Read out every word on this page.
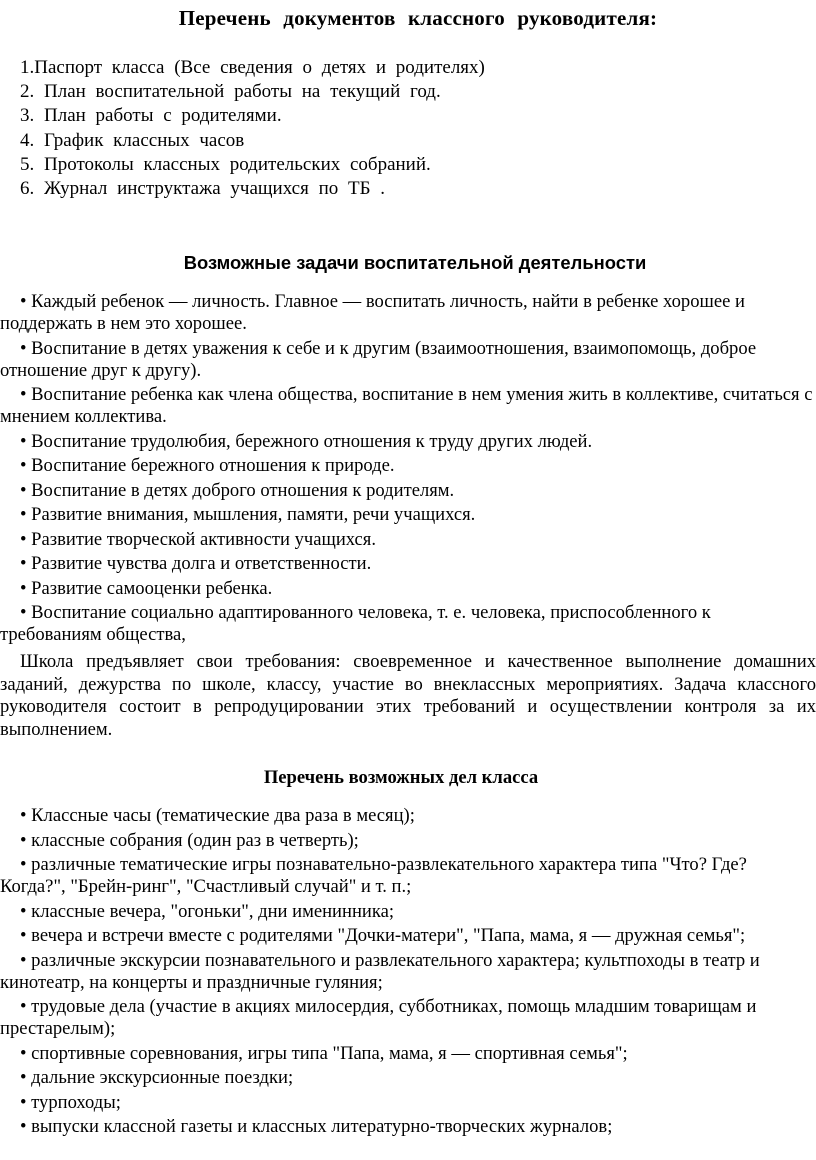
Перечень документов классного руководителя:
1.Паспорт класса (Все сведения о детях и родителях)
2. План воспитательной работы на текущий год.
3. План работы с родителями.
4. График классных часов
5. Протоколы классных родительских собраний.
6. Журнал инструктажа учащихся по ТБ .
Возможные задачи воспитательной деятельности

• Каждый ребенок — личность. Главное — воспитать личность, найти в ребенке хорошее и поддержать в нем это хорошее.

• Воспитание в детях уважения к себе и к другим (взаимоотношения, взаимопомощь, доброе отношение друг к другу).

• Воспитание ребенка как члена общества, воспитание в нем умения жить в коллективе, считаться с мнением коллектива.

• Воспитание трудолюбия, бережного отношения к труду других людей.

• Воспитание бережного отношения к природе.

• Воспитание в детях доброго отношения к родителям.

• Развитие внимания, мышления, памяти, речи учащихся.

• Развитие творческой активности учащихся.

• Развитие чувства долга и ответственности.

• Развитие самооценки ребенка.

• Воспитание социально адаптированного человека, т. е. человека, приспособленного к требованиям общества,

Школа предъявляет свои требования: своевременное и качественное выполнение домашних заданий, дежурства по школе, классу, участие во внеклассных мероприятиях. Задача классного руководителя состоит в репродуцировании этих требований и осуществлении контроля за их выполнением.

Перечень возможных дел класса

• Классные часы (тематические два раза в месяц);

• классные собрания (один раз в четверть);

• различные тематические игры познавательно-развлекательного характера типа "Что? Где? Когда?", "Брейн-ринг", "Счастливый случай" и т. п.;

• классные вечера, "огоньки", дни именинника;

• вечера и встречи вместе с родителями "Дочки-матери", "Папа, мама, я — дружная семья";

• различные экскурсии познавательного и развлекательного характера; культпоходы в театр и кинотеатр, на концерты и праздничные гуляния;

• трудовые дела (участие в акциях милосердия, субботниках, помощь младшим товарищам и престарелым);

• спортивные соревнования, игры типа "Папа, мама, я — спортивная семья";

• дальние экскурсионные поездки;

• турпоходы;

• выпуски классной газеты и классных литературно-творческих журналов;
